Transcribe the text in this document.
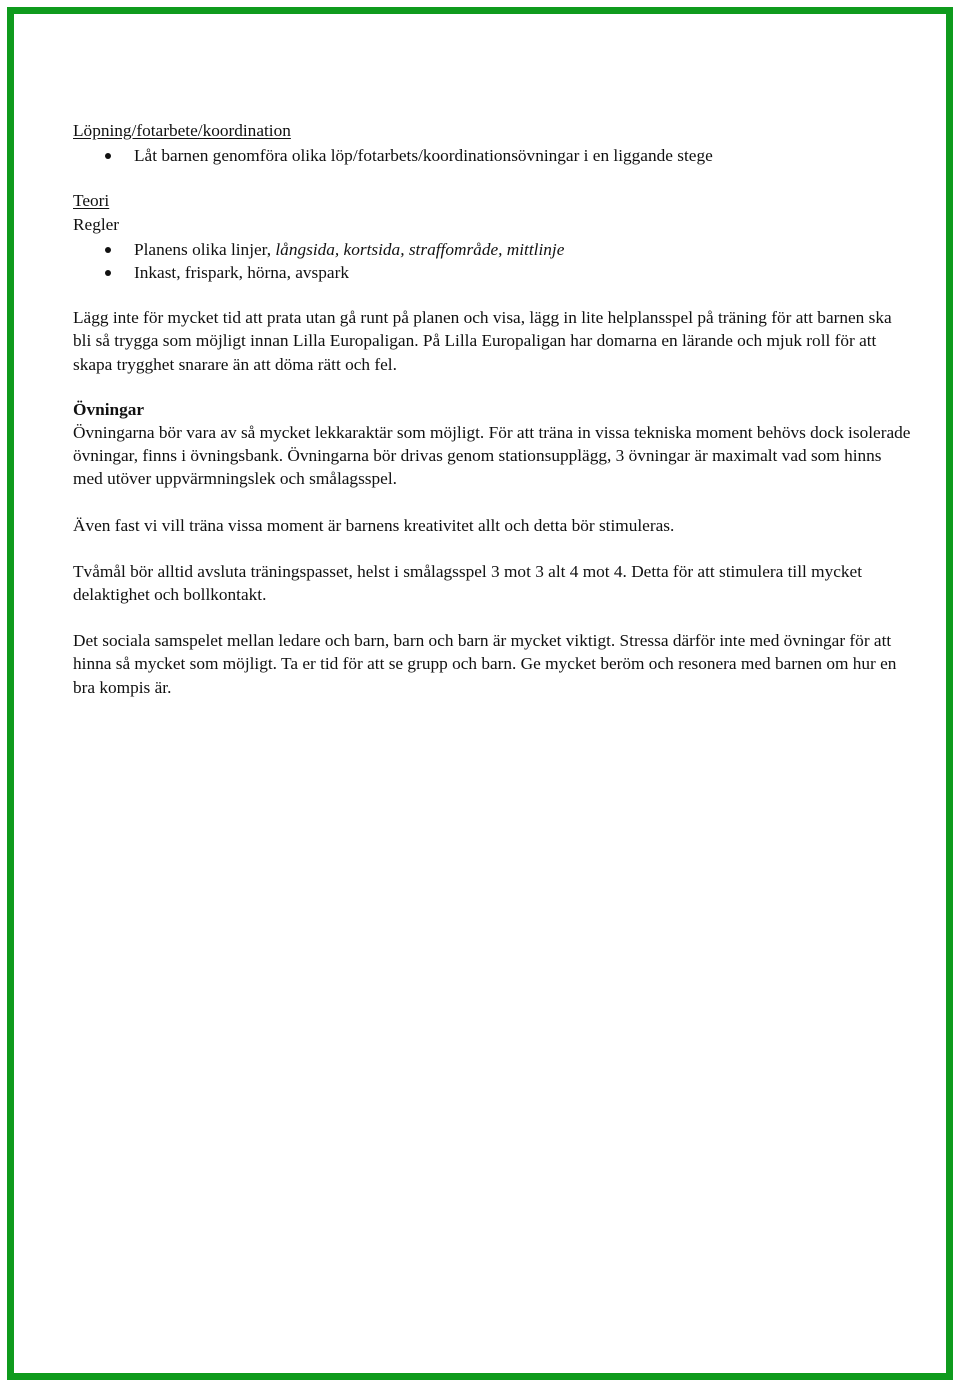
Löpning/fotarbete/koordination

Låt barnen genomföra olika löp/fotarbets/koordinationsövningar i en liggande stege

Teori

Regler

Planens olika linjer, långsida, kortsida, straffområde, mittlinje
Inkast, frispark, hörna, avspark

Lägg inte för mycket tid att prata utan gå runt på planen och visa, lägg in lite helplansspel på träning för att barnen ska bli så trygga som möjligt innan Lilla Europaligan. På Lilla Europaligan har domarna en lärande och mjuk roll för att skapa trygghet snarare än att döma rätt och fel.

Övningar

Övningarna bör vara av så mycket lekkaraktär som möjligt. För att träna in vissa tekniska moment behövs dock isolerade övningar, finns i övningsbank. Övningarna bör drivas genom stationsupplägg, 3 övningar är maximalt vad som hinns med utöver uppvärmningslek och smålagsspel.

Även fast vi vill träna vissa moment är barnens kreativitet allt och detta bör stimuleras.

Tvåmål bör alltid avsluta träningspasset, helst i smålagsspel 3 mot 3 alt 4 mot 4. Detta för att stimulera till mycket delaktighet och bollkontakt.

Det sociala samspelet mellan ledare och barn, barn och barn är mycket viktigt. Stressa därför inte med övningar för att hinna så mycket som möjligt. Ta er tid för att se grupp och barn. Ge mycket beröm och resonera med barnen om hur en bra kompis är.
